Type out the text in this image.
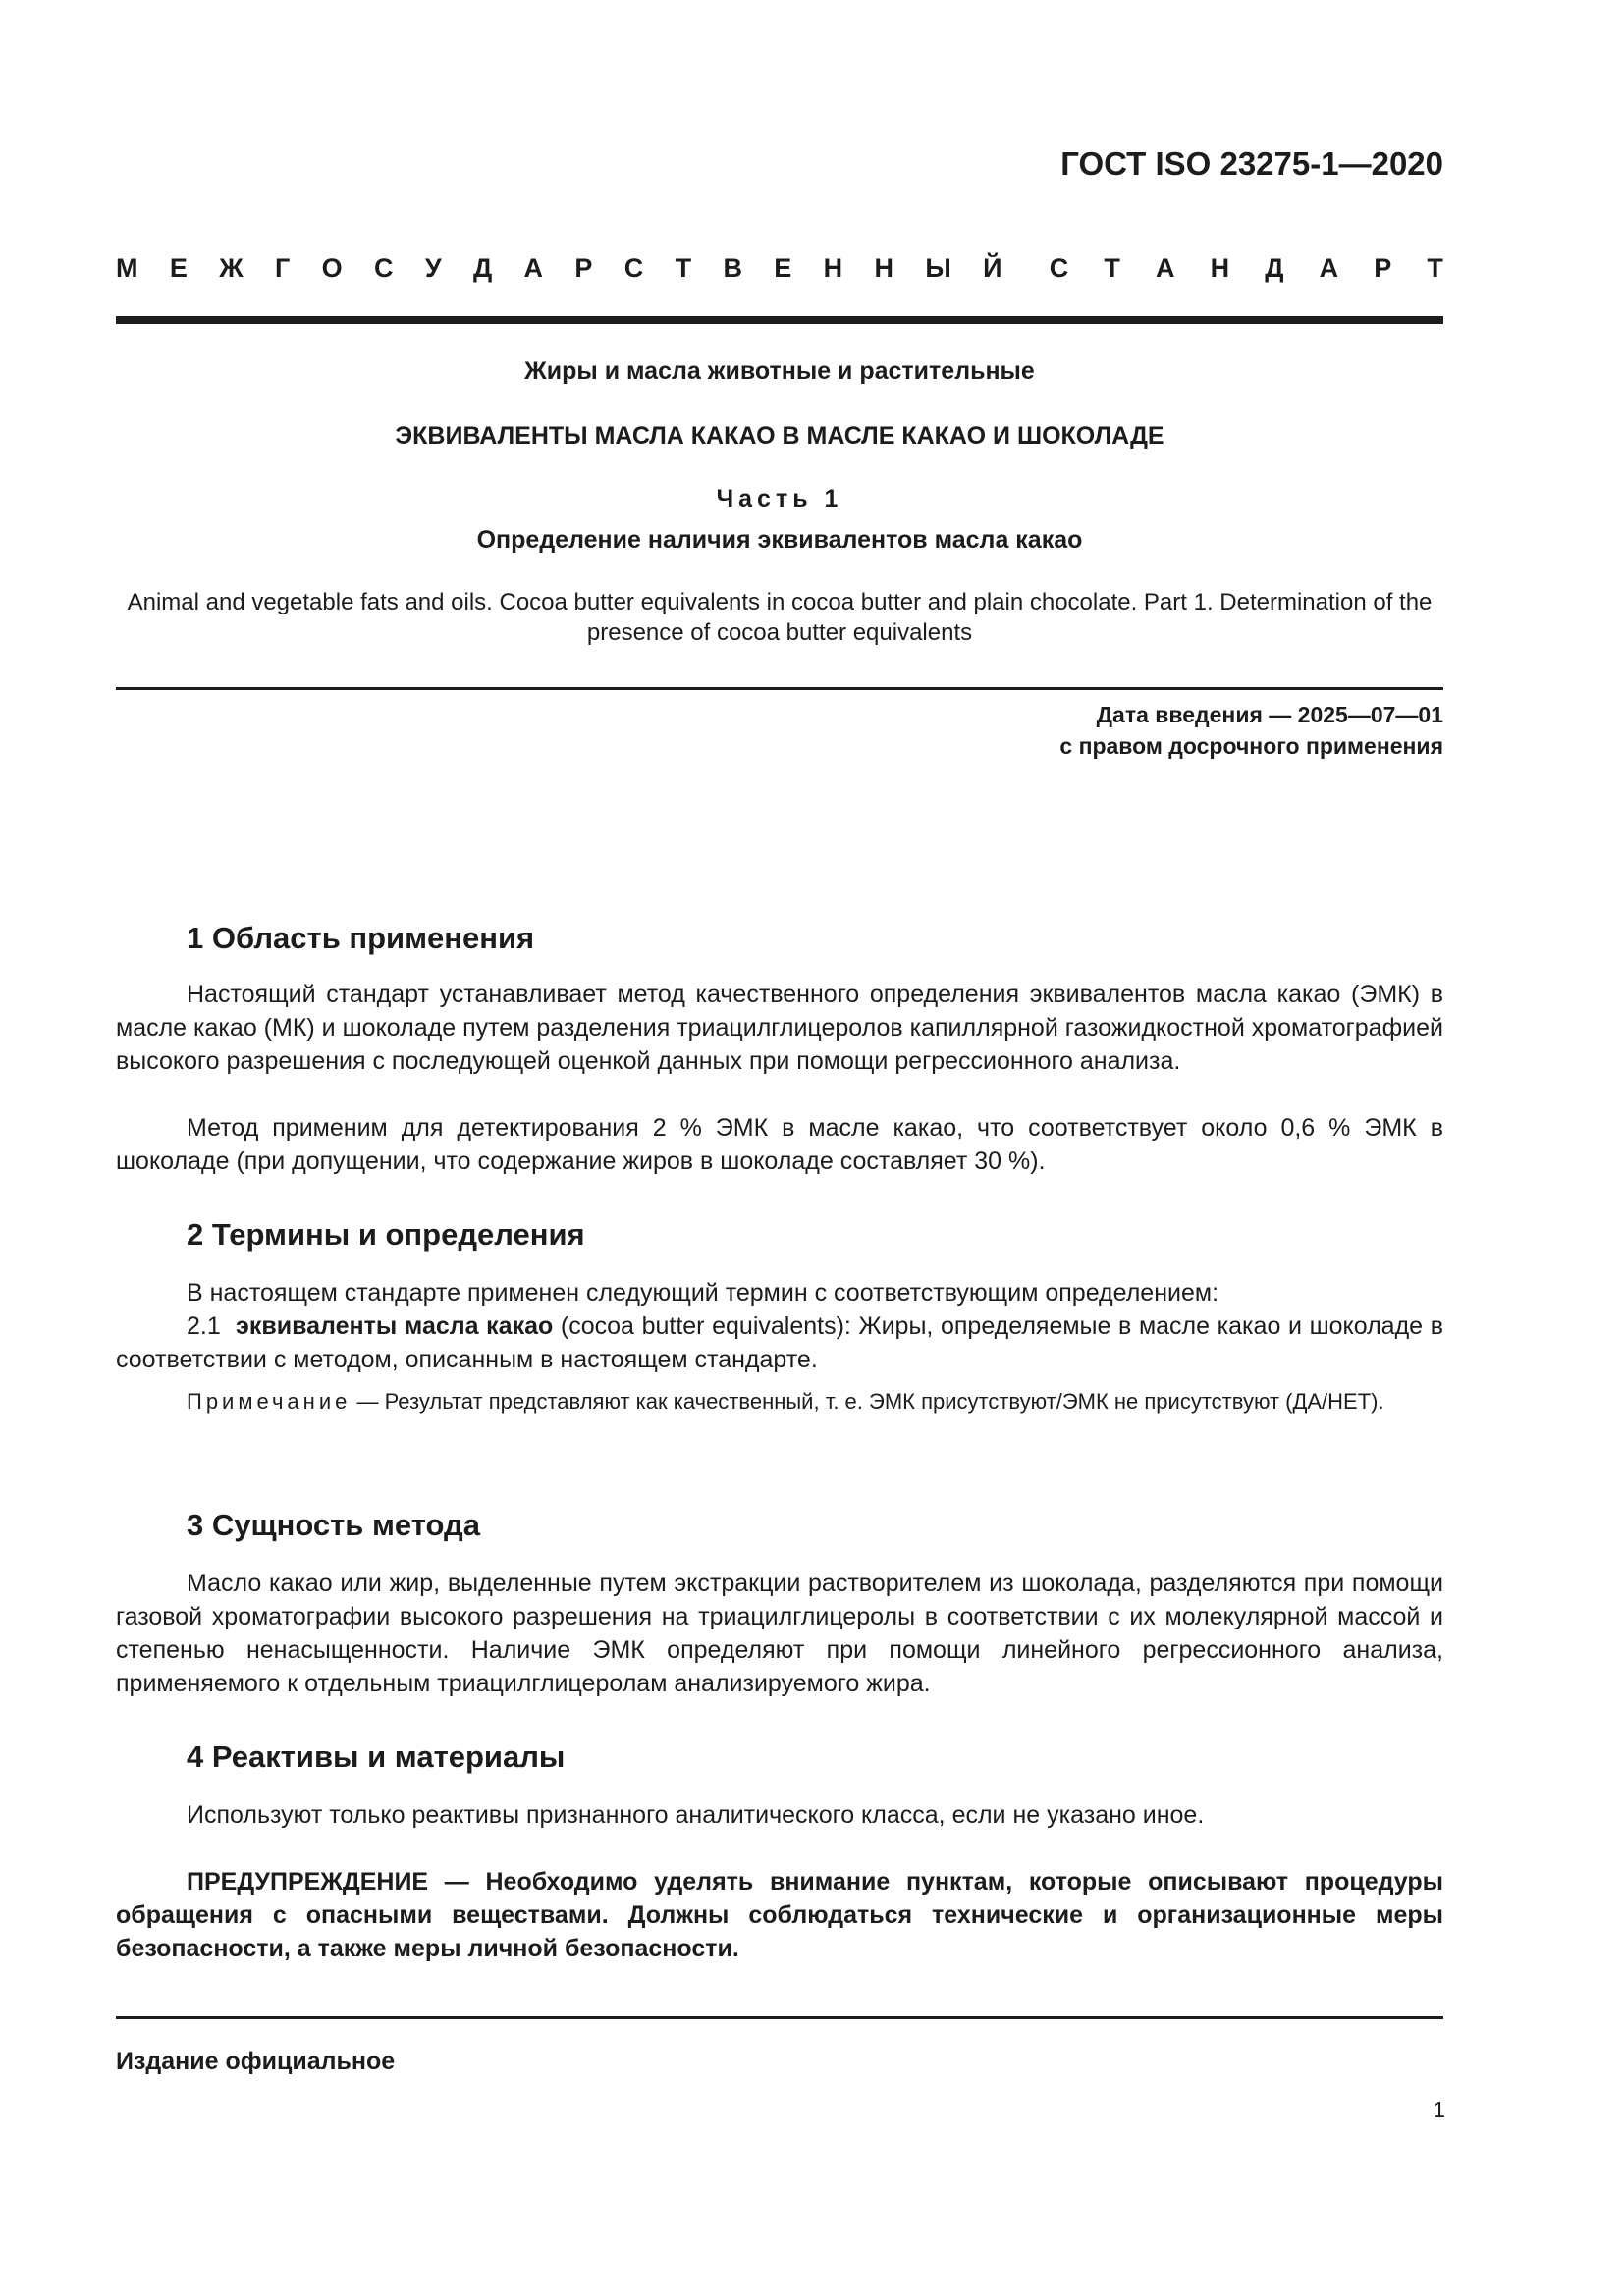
ГОСТ ISO 23275-1—2020
М Е Ж Г О С У Д А Р С Т В Е Н Н Ы Й С Т А Н Д А Р Т
Жиры и масла животные и растительные
ЭКВИВАЛЕНТЫ МАСЛА КАКАО В МАСЛЕ КАКАО И ШОКОЛАДЕ
Часть 1
Определение наличия эквивалентов масла какао
Animal and vegetable fats and oils. Cocoa butter equivalents in cocoa butter and plain chocolate. Part 1. Determination of the presence of cocoa butter equivalents
Дата введения — 2025—07—01
с правом досрочного применения
1 Область применения
Настоящий стандарт устанавливает метод качественного определения эквивалентов масла какао (ЭМК) в масле какао (МК) и шоколаде путем разделения триацилглицеролов капиллярной газожидкостной хроматографией высокого разрешения с последующей оценкой данных при помощи регрессионного анализа.
Метод применим для детектирования 2 % ЭМК в масле какао, что соответствует около 0,6 % ЭМК в шоколаде (при допущении, что содержание жиров в шоколаде составляет 30 %).
2 Термины и определения
В настоящем стандарте применен следующий термин с соответствующим определением:
2.1 эквиваленты масла какао (cocoa butter equivalents): Жиры, определяемые в масле какао и шоколаде в соответствии с методом, описанным в настоящем стандарте.
Примечание — Результат представляют как качественный, т. е. ЭМК присутствуют/ЭМК не присутствуют (ДА/НЕТ).
3 Сущность метода
Масло какао или жир, выделенные путем экстракции растворителем из шоколада, разделяются при помощи газовой хроматографии высокого разрешения на триацилглицеролы в соответствии с их молекулярной массой и степенью ненасыщенности. Наличие ЭМК определяют при помощи линейного регрессионного анализа, применяемого к отдельным триацилглицеролам анализируемого жира.
4 Реактивы и материалы
Используют только реактивы признанного аналитического класса, если не указано иное.
ПРЕДУПРЕЖДЕНИЕ — Необходимо уделять внимание пунктам, которые описывают процедуры обращения с опасными веществами. Должны соблюдаться технические и организационные меры безопасности, а также меры личной безопасности.
Издание официальное
1
